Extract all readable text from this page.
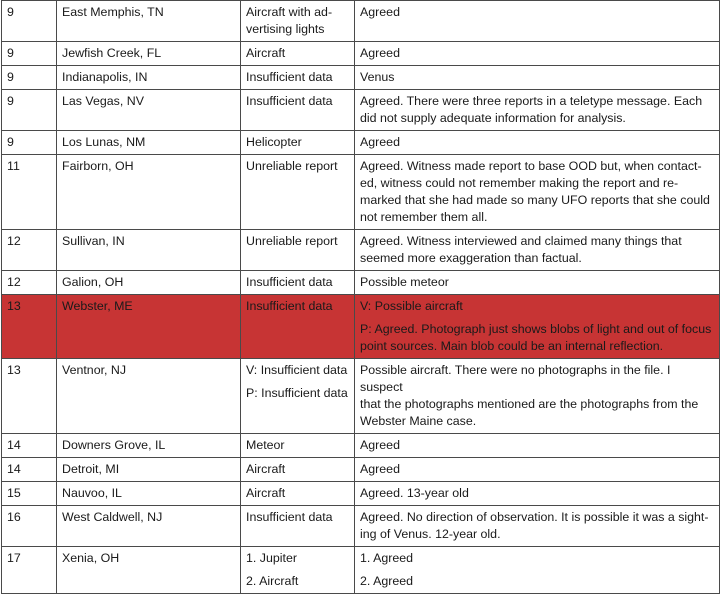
9	East Memphis, TN	Aircraft with ad-
vertising lights	Agreed

9	Jewfish Creek, FL	Aircraft	Agreed

9	Indianapolis, IN	Insufficient data	Venus

9	Las Vegas, NV	Insufficient data	Agreed. There were three reports in a teletype message. Each
did not supply adequate information for analysis.

9	Los Lunas, NM	Helicopter	Agreed

11	Fairborn, OH	Unreliable report	Agreed. Witness made report to base OOD but, when contact-
ed, witness could not remember making the report and re-
marked that she had made so many UFO reports that she could
not remember them all.

12	Sullivan, IN	Unreliable report	Agreed. Witness interviewed and claimed many things that
seemed more exaggeration than factual.

12	Galion, OH	Insufficient data	Possible meteor

13	Webster, ME	Insufficient data	V: Possible aircraft
P: Agreed. Photograph just shows blobs of light and out of focus
point sources. Main blob could be an internal reflection.

13	Ventnor, NJ	V: Insufficient data
P: Insufficient data	Possible aircraft. There were no photographs in the file. I suspect
that the photographs mentioned are the photographs from the
Webster Maine case.

14	Downers Grove, IL	Meteor	Agreed

14	Detroit, MI	Aircraft	Agreed

15	Nauvoo, IL	Aircraft	Agreed. 13-year old

16	West Caldwell, NJ	Insufficient data	Agreed. No direction of observation. It is possible it was a sight-
ing of Venus. 12-year old.

17	Xenia, OH	1. Jupiter
2. Aircraft	1. Agreed
2. Agreed
